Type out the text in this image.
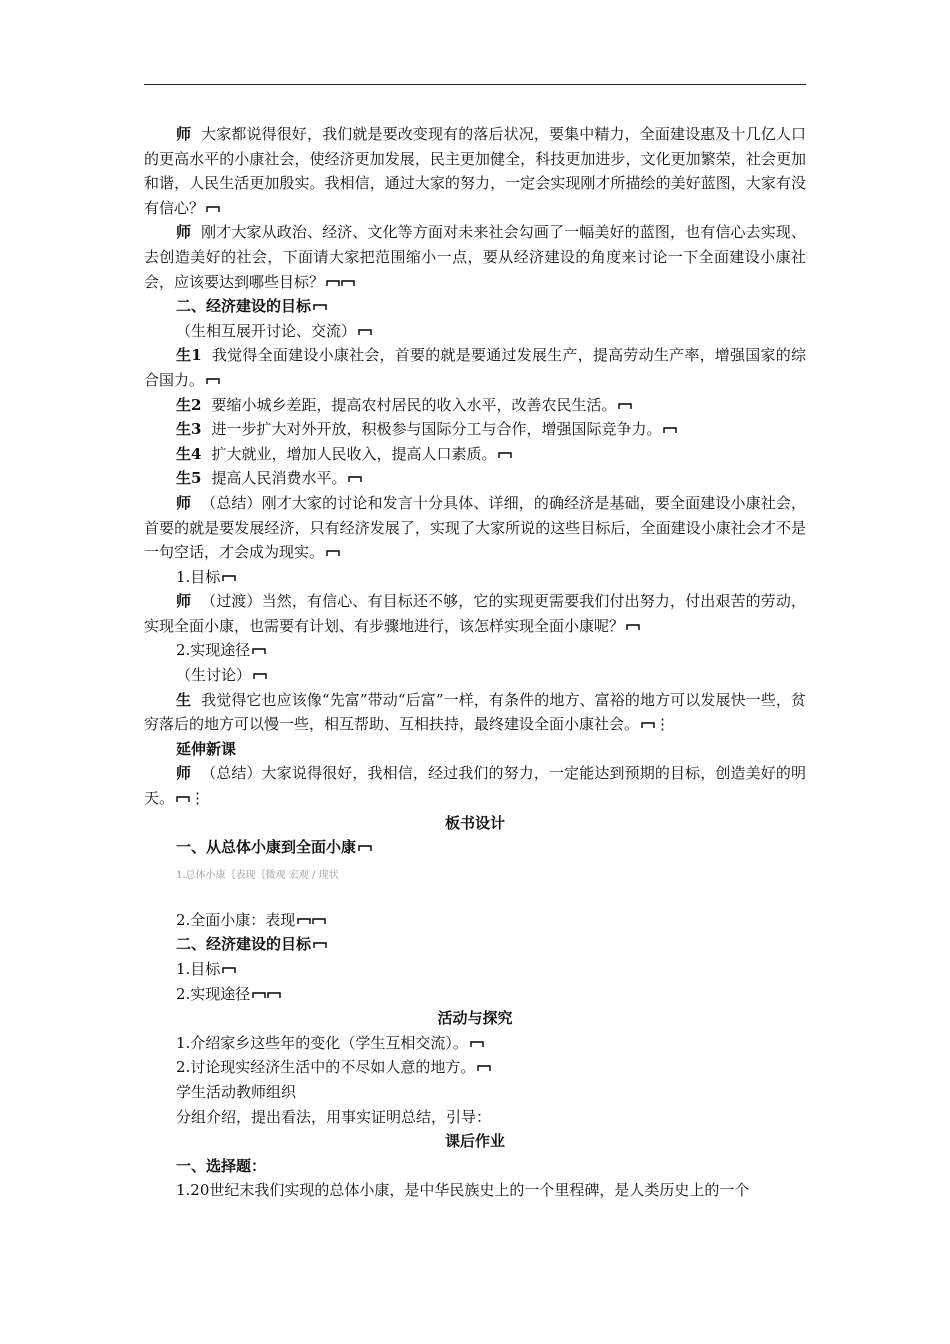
师 大家都说得很好，我们就是要改变现有的落后状况，要集中精力，全面建设惠及十几亿人口的更高水平的小康社会，使经济更加发展，民主更加健全，科技更加进步，文化更加繁荣，社会更加和谐，人民生活更加殷实。我相信，通过大家的努力，一定会实现刚才所描绘的美好蓝图，大家有没有信心？

师 刚才大家从政治、经济、文化等方面对未来社会勾画了一幅美好的蓝图，也有信心去实现、去创造美好的社会，下面请大家把范围缩小一点，要从经济建设的角度来讨论一下全面建设小康社会，应该要达到哪些目标？

二、经济建设的目标

（生相互展开讨论、交流）

生1 我觉得全面建设小康社会，首要的就是要通过发展生产，提高劳动生产率，增强国家的综合国力。

生2 要缩小城乡差距，提高农村居民的收入水平，改善农民生活。

生3 进一步扩大对外开放，积极参与国际分工与合作，增强国际竞争力。

生4 扩大就业，增加人民收入，提高人口素质。

生5 提高人民消费水平。

师 （总结）刚才大家的讨论和发言十分具体、详细，的确经济是基础，要全面建设小康社会，首要的就是要发展经济，只有经济发展了，实现了大家所说的这些目标后，全面建设小康社会才不是一句空话，才会成为现实。

1.目标

师 （过渡）当然，有信心、有目标还不够，它的实现更需要我们付出努力，付出艰苦的劳动，实现全面小康，也需要有计划、有步骤地进行，该怎样实现全面小康呢？

2.实现途径

（生讨论）

生 我觉得它也应该像“先富”带动“后富”一样，有条件的地方、富裕的地方可以发展快一些，贫穷落后的地方可以慢一些，相互帮助、互相扶持，最终建设全面小康社会。 ⋮

延伸新课

师 （总结）大家说得很好，我相信，经过我们的努力，一定能达到预期的目标，创造美好的明天。 ⋮

板书设计

一、从总体小康到全面小康

1.总体小康｛表现｛微观 宏观 / 现状

2.全面小康：表现

二、经济建设的目标

1.目标

2.实现途径

活动与探究

1.介绍家乡这些年的变化（学生互相交流）。

2.讨论现实经济生活中的不尽如人意的地方。

学生活动教师组织

分组介绍，提出看法，用事实证明总结，引导：

课后作业

一、选择题：

1.20世纪末我们实现的总体小康，是中华民族史上的一个里程碑，是人类历史上的一个
